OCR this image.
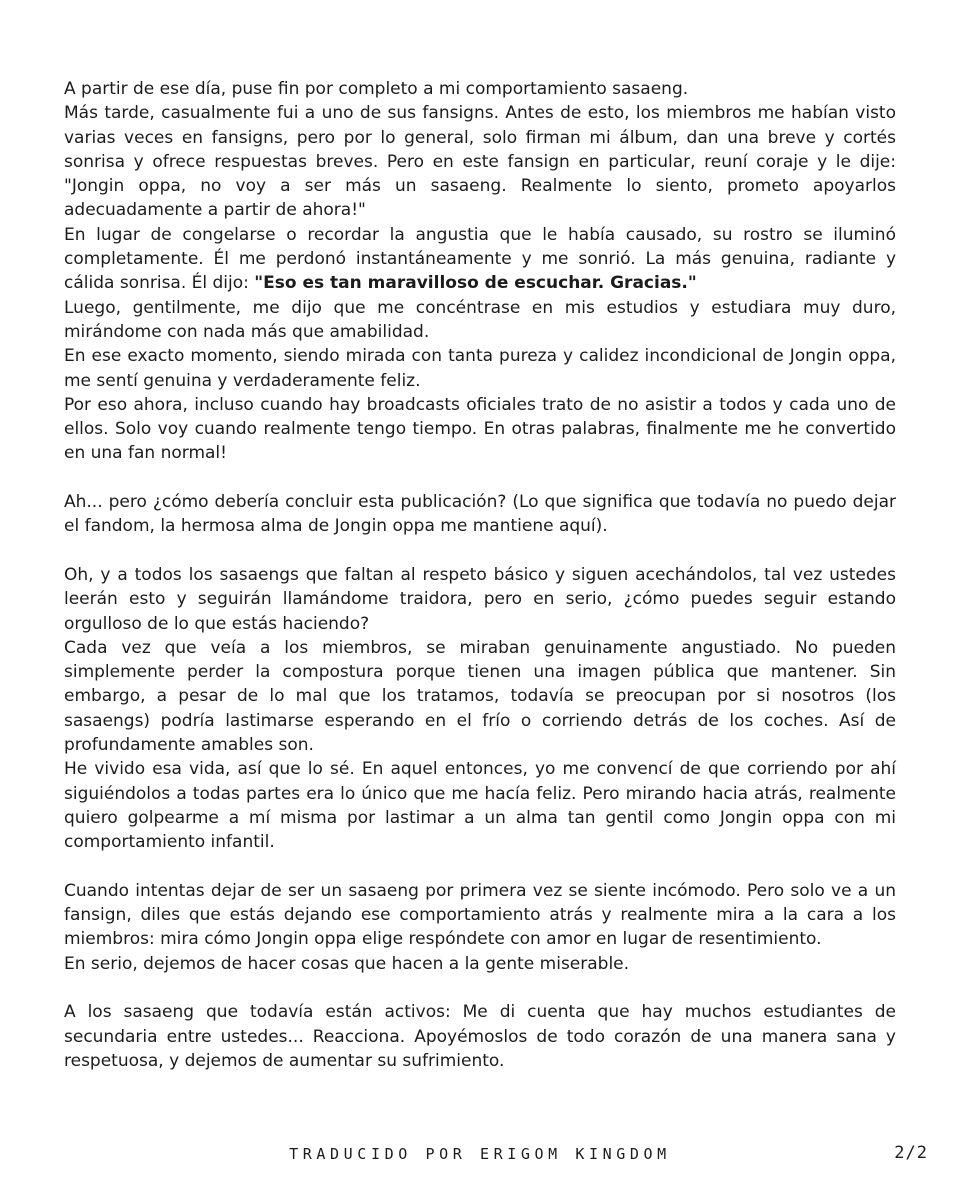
A partir de ese día, puse fin por completo a mi comportamiento sasaeng.

Más tarde, casualmente fui a uno de sus fansigns. Antes de esto, los miembros me habían visto varias veces en fansigns, pero por lo general, solo firman mi álbum, dan una breve y cortés sonrisa y ofrece respuestas breves. Pero en este fansign en particular, reuní coraje y le dije: "Jongin oppa, no voy a ser más un sasaeng. Realmente lo siento, prometo apoyarlos adecuadamente a partir de ahora!"

En lugar de congelarse o recordar la angustia que le había causado, su rostro se iluminó completamente. Él me perdonó instantáneamente y me sonrió. La más genuina, radiante y cálida sonrisa. Él dijo: "Eso es tan maravilloso de escuchar. Gracias."

Luego, gentilmente, me dijo que me concéntrase en mis estudios y estudiara muy duro, mirándome con nada más que amabilidad.

En ese exacto momento, siendo mirada con tanta pureza y calidez incondicional de Jongin oppa, me sentí genuina y verdaderamente feliz.

Por eso ahora, incluso cuando hay broadcasts oficiales trato de no asistir a todos y cada uno de ellos. Solo voy cuando realmente tengo tiempo. En otras palabras, finalmente me he convertido en una fan normal!

Ah... pero ¿cómo debería concluir esta publicación? (Lo que significa que todavía no puedo dejar el fandom, la hermosa alma de Jongin oppa me mantiene aquí).

Oh, y a todos los sasaengs que faltan al respeto básico y siguen acechándolos, tal vez ustedes leerán esto y seguirán llamándome traidora, pero en serio, ¿cómo puedes seguir estando orgulloso de lo que estás haciendo?

Cada vez que veía a los miembros, se miraban genuinamente angustiado. No pueden simplemente perder la compostura porque tienen una imagen pública que mantener. Sin embargo, a pesar de lo mal que los tratamos, todavía se preocupan por si nosotros (los sasaengs) podría lastimarse esperando en el frío o corriendo detrás de los coches. Así de profundamente amables son.

He vivido esa vida, así que lo sé. En aquel entonces, yo me convencí de que corriendo por ahí siguiéndolos a todas partes era lo único que me hacía feliz. Pero mirando hacia atrás, realmente quiero golpearme a mí misma por lastimar a un alma tan gentil como Jongin oppa con mi comportamiento infantil.

Cuando intentas dejar de ser un sasaeng por primera vez se siente incómodo. Pero solo ve a un fansign, diles que estás dejando ese comportamiento atrás y realmente mira a la cara a los miembros: mira cómo Jongin oppa elige respóndete con amor en lugar de resentimiento.

En serio, dejemos de hacer cosas que hacen a la gente miserable.

A los sasaeng que todavía están activos: Me di cuenta que hay muchos estudiantes de secundaria entre ustedes... Reacciona. Apoyémoslos de todo corazón de una manera sana y respetuosa, y dejemos de aumentar su sufrimiento.

TRADUCIDO POR ERIGOM KINGDOM	2/2
